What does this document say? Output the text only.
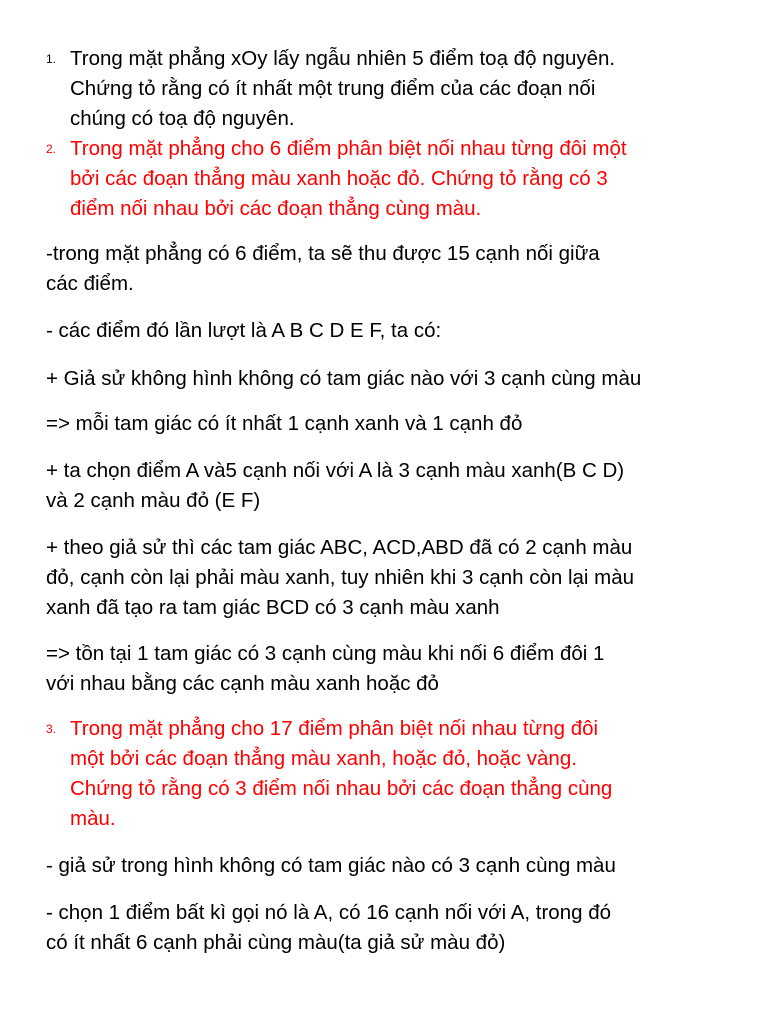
1. Trong mặt phẳng xOy lấy ngẫu nhiên 5 điểm toạ độ nguyên.
Chứng tỏ rằng có ít nhất một trung điểm của các đoạn nối
chúng có toạ độ nguyên.
2. Trong mặt phẳng cho 6 điểm phân biệt nối nhau từng đôi một
bởi các đoạn thẳng màu xanh hoặc đỏ. Chứng tỏ rằng có 3
điểm nối nhau bởi các đoạn thẳng cùng màu.
-trong mặt phẳng có 6 điểm, ta sẽ thu được 15 cạnh nối giữa
các điểm.
- các điểm đó lần lượt là A B C D E F, ta có:
+ Giả sử không hình không có tam giác nào với 3 cạnh cùng màu
=> mỗi tam giác có ít nhất 1 cạnh xanh và 1 cạnh đỏ
+ ta chọn điểm A và5 cạnh nối với A là 3 cạnh màu xanh(B C D)
và 2 cạnh màu đỏ (E F)
+ theo giả sử thì các tam giác ABC, ACD,ABD đã có 2 cạnh màu
đỏ, cạnh còn lại phải màu xanh, tuy nhiên khi 3 cạnh còn lại màu
xanh đã tạo ra tam giác BCD có 3 cạnh màu xanh
=> tồn tại 1 tam giác có 3 cạnh cùng màu khi nối 6 điểm đôi 1
với nhau bằng các cạnh màu xanh hoặc đỏ
3. Trong mặt phẳng cho 17 điểm phân biệt nối nhau từng đôi
một bởi các đoạn thẳng màu xanh, hoặc đỏ, hoặc vàng.
Chứng tỏ rằng có 3 điểm nối nhau bởi các đoạn thẳng cùng
màu.
- giả sử trong hình không có tam giác nào có 3 cạnh cùng màu
- chọn 1 điểm bất kì gọi nó là A, có 16 cạnh nối với A, trong đó
có ít nhất 6 cạnh phải cùng màu(ta giả sử màu đỏ)
